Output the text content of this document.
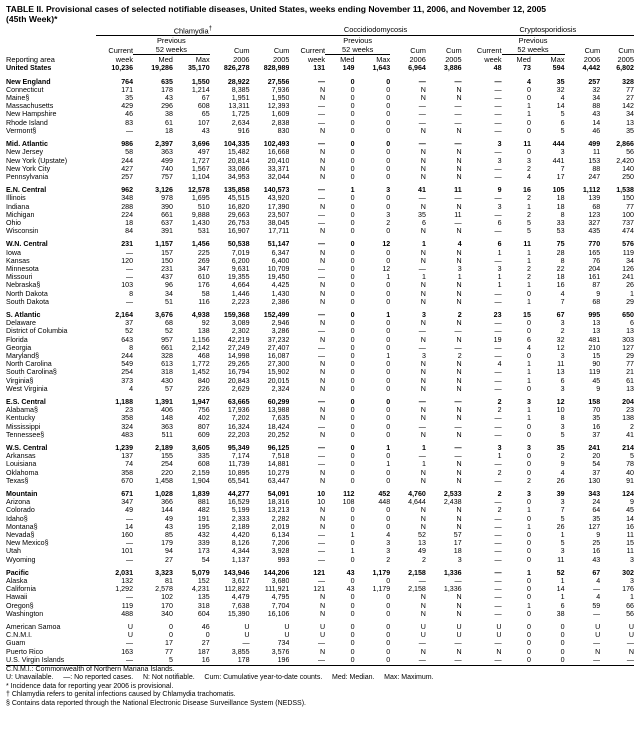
TABLE II. Provisional cases of selected notifiable diseases, United States, weeks ending November 11, 2006, and November 12, 2005
(45th Week)*
	Chlamydia†					Coccidiodomycosis					Cryptosporidiosis				
		Previous					Previous					Previous			
	Current	52 weeks		Cum	Cum	Current	52 weeks		Cum	Cum	Current	52 weeks		Cum	Cum
Reporting area	week	Med	Max	2006	2005	week	Med	Max	2006	2005	week	Med	Max	2006	2005
United States	10,236	19,286	35,170	826,278	828,989	131	149	1,643	6,964	3,886	48	73	594	4,442	6,802

New England	764	635	1,550	28,922	27,556	—	0	0	—	—	—	4	35	257	328
Connecticut	171	178	1,214	8,385	7,936	N	0	0	N	N	—	0	32	32	77
Maine§	35	43	67	1,951	1,950	N	0	0	N	N	—	0	4	34	27
Massachusetts	429	296	608	13,311	12,393	—	0	0	—	—	—	1	14	88	142
New Hampshire	46	38	65	1,725	1,609	—	0	0	—	—	—	1	5	43	34
Rhode Island	83	61	107	2,634	2,838	—	0	0	—	—	—	0	6	14	13
Vermont§	—	18	43	916	830	N	0	0	N	N	—	0	5	46	35

Mid. Atlantic	986	2,397	3,696	104,335	102,493	—	0	0	—	—	3	11	444	499	2,866
New Jersey	58	363	497	15,482	16,668	N	0	0	N	N	—	0	3	11	56
New York (Upstate)	244	499	1,727	20,814	20,410	N	0	0	N	N	3	3	441	153	2,420
New York City	427	740	1,567	33,086	33,371	N	0	0	N	N	—	2	7	88	140
Pennsylvania	257	757	1,104	34,953	32,044	N	0	0	N	N	—	4	17	247	250

E.N. Central	962	3,126	12,578	135,858	140,573	—	1	3	41	11	9	16	105	1,112	1,538
Illinois	348	978	1,695	45,515	43,920	—	0	0	—	—	—	2	18	139	150
Indiana	288	390	510	16,820	17,390	N	0	0	N	N	3	1	18	68	77
Michigan	224	661	9,888	29,663	23,507	—	0	3	35	11	—	2	8	123	100
Ohio	18	637	1,430	26,753	38,045	—	0	2	6	—	6	5	33	327	737
Wisconsin	84	391	531	16,907	17,711	N	0	0	N	N	—	5	53	435	474

W.N. Central	231	1,157	1,456	50,538	51,147	—	0	12	1	4	6	11	75	770	576
Iowa	—	157	225	7,019	6,347	N	0	0	N	N	1	1	28	165	119
Kansas	120	150	269	6,200	6,400	N	0	0	N	N	—	1	8	76	34
Minnesota	—	231	347	9,631	10,709	—	0	12	—	3	3	2	22	204	126
Missouri	—	437	610	19,355	19,450	—	0	1	1	1	1	2	18	161	241
Nebraska§	103	96	176	4,664	4,425	N	0	0	N	N	1	1	16	87	26
North Dakota	8	34	58	1,446	1,430	N	0	0	N	N	—	0	4	9	1
South Dakota	—	51	116	2,223	2,386	N	0	0	N	N	—	1	7	68	29

S. Atlantic	2,164	3,676	4,938	159,368	152,499	—	0	1	3	2	23	15	67	995	650
Delaware	37	68	92	3,089	2,946	N	0	0	N	N	—	0	3	13	6
District of Columbia	52	52	138	2,302	3,286	—	0	0	—	—	—	0	2	13	13
Florida	643	957	1,156	42,219	37,232	N	0	0	N	N	19	6	32	481	303
Georgia	8	661	2,142	27,249	27,407	—	0	0	—	—	—	4	12	210	127
Maryland§	244	328	468	14,998	16,087	—	0	1	3	2	—	0	3	15	29
North Carolina	549	613	1,772	29,265	27,300	N	0	0	N	N	4	1	11	90	77
South Carolina§	254	318	1,452	16,794	15,902	N	0	0	N	N	—	1	13	119	21
Virginia§	373	430	840	20,843	20,015	N	0	0	N	N	—	1	6	45	61
West Virginia	4	57	226	2,629	2,324	N	0	0	N	N	—	0	3	9	13

E.S. Central	1,188	1,391	1,947	63,665	60,299	—	0	0	—	—	2	3	12	158	204
Alabama§	23	406	756	17,936	13,988	N	0	0	N	N	2	1	10	70	23
Kentucky	358	148	402	7,202	7,635	N	0	0	N	N	—	1	8	35	138
Mississippi	324	363	807	16,324	18,424	—	0	0	—	—	—	0	3	16	2
Tennessee§	483	511	609	22,203	20,252	N	0	0	N	N	—	0	5	37	41

W.S. Central	1,239	2,189	3,605	95,349	96,125	—	0	1	1	—	3	3	35	241	214
Arkansas	137	155	335	7,174	7,518	—	0	0	—	—	1	0	2	20	5
Louisiana	74	254	608	11,739	14,881	—	0	1	1	N	—	0	9	54	78
Oklahoma	358	220	2,159	10,895	10,279	N	0	0	N	N	2	0	4	37	40
Texas§	670	1,458	1,904	65,541	63,447	N	0	0	N	N	—	2	26	130	91

Mountain	671	1,028	1,839	44,277	54,091	10	112	452	4,760	2,533	2	3	39	343	124
Arizona	347	366	881	16,529	18,316	10	108	448	4,644	2,438	—	0	3	24	9
Colorado	49	144	482	5,199	13,213	N	0	0	N	N	2	1	7	64	45
Idaho§	—	49	191	2,333	2,282	N	0	0	N	N	—	0	5	35	14
Montana§	14	43	195	2,189	2,019	N	0	0	N	N	—	1	26	127	16
Nevada§	160	85	432	4,420	6,134	—	1	4	52	57	—	0	1	9	11
New Mexico§	—	179	339	8,126	7,206	—	0	3	13	17	—	0	5	25	15
Utah	101	94	173	4,344	3,928	—	1	3	49	18	—	0	3	16	11
Wyoming	—	27	54	1,137	993	—	0	2	2	3	—	0	11	43	3

Pacific	2,031	3,323	5,079	143,946	144,206	121	43	1,179	2,158	1,336	—	1	52	67	302
Alaska	132	81	152	3,617	3,680	—	0	0	—	—	—	0	1	4	3
California	1,292	2,578	4,231	112,822	111,921	121	43	1,179	2,158	1,336	—	0	14	—	176
Hawaii	—	102	135	4,479	4,795	N	0	0	N	N	—	0	1	4	1
Oregon§	119	170	318	7,638	7,704	N	0	0	N	N	—	1	6	59	66
Washington	488	340	604	15,390	16,106	N	0	0	N	N	—	0	38	—	56

American Samoa	U	0	46	U	U	U	0	0	U	U	U	0	0	U	U
C.N.M.I.	U	0	0	U	U	U	0	0	U	U	U	0	0	U	U
Guam	—	17	27	—	734	—	0	0	—	—	—	0	0	—	—
Puerto Rico	163	77	187	3,855	3,576	N	0	0	N	N	N	0	0	N	N
U.S. Virgin Islands	—	5	16	178	196	—	0	0	—	—	—	0	0	—	—
C.N.M.I.: Commonwealth of Northern Mariana Islands.
U: Unavailable.     —: No reported cases.     N: Not notifiable.     Cum: Cumulative year-to-date counts.     Med: Median.     Max: Maximum.
* Incidence data for reporting year 2006 is provisional.
† Chlamydia refers to genital infections caused by Chlamydia trachomatis.
§ Contains data reported through the National Electronic Disease Surveillance System (NEDSS).
